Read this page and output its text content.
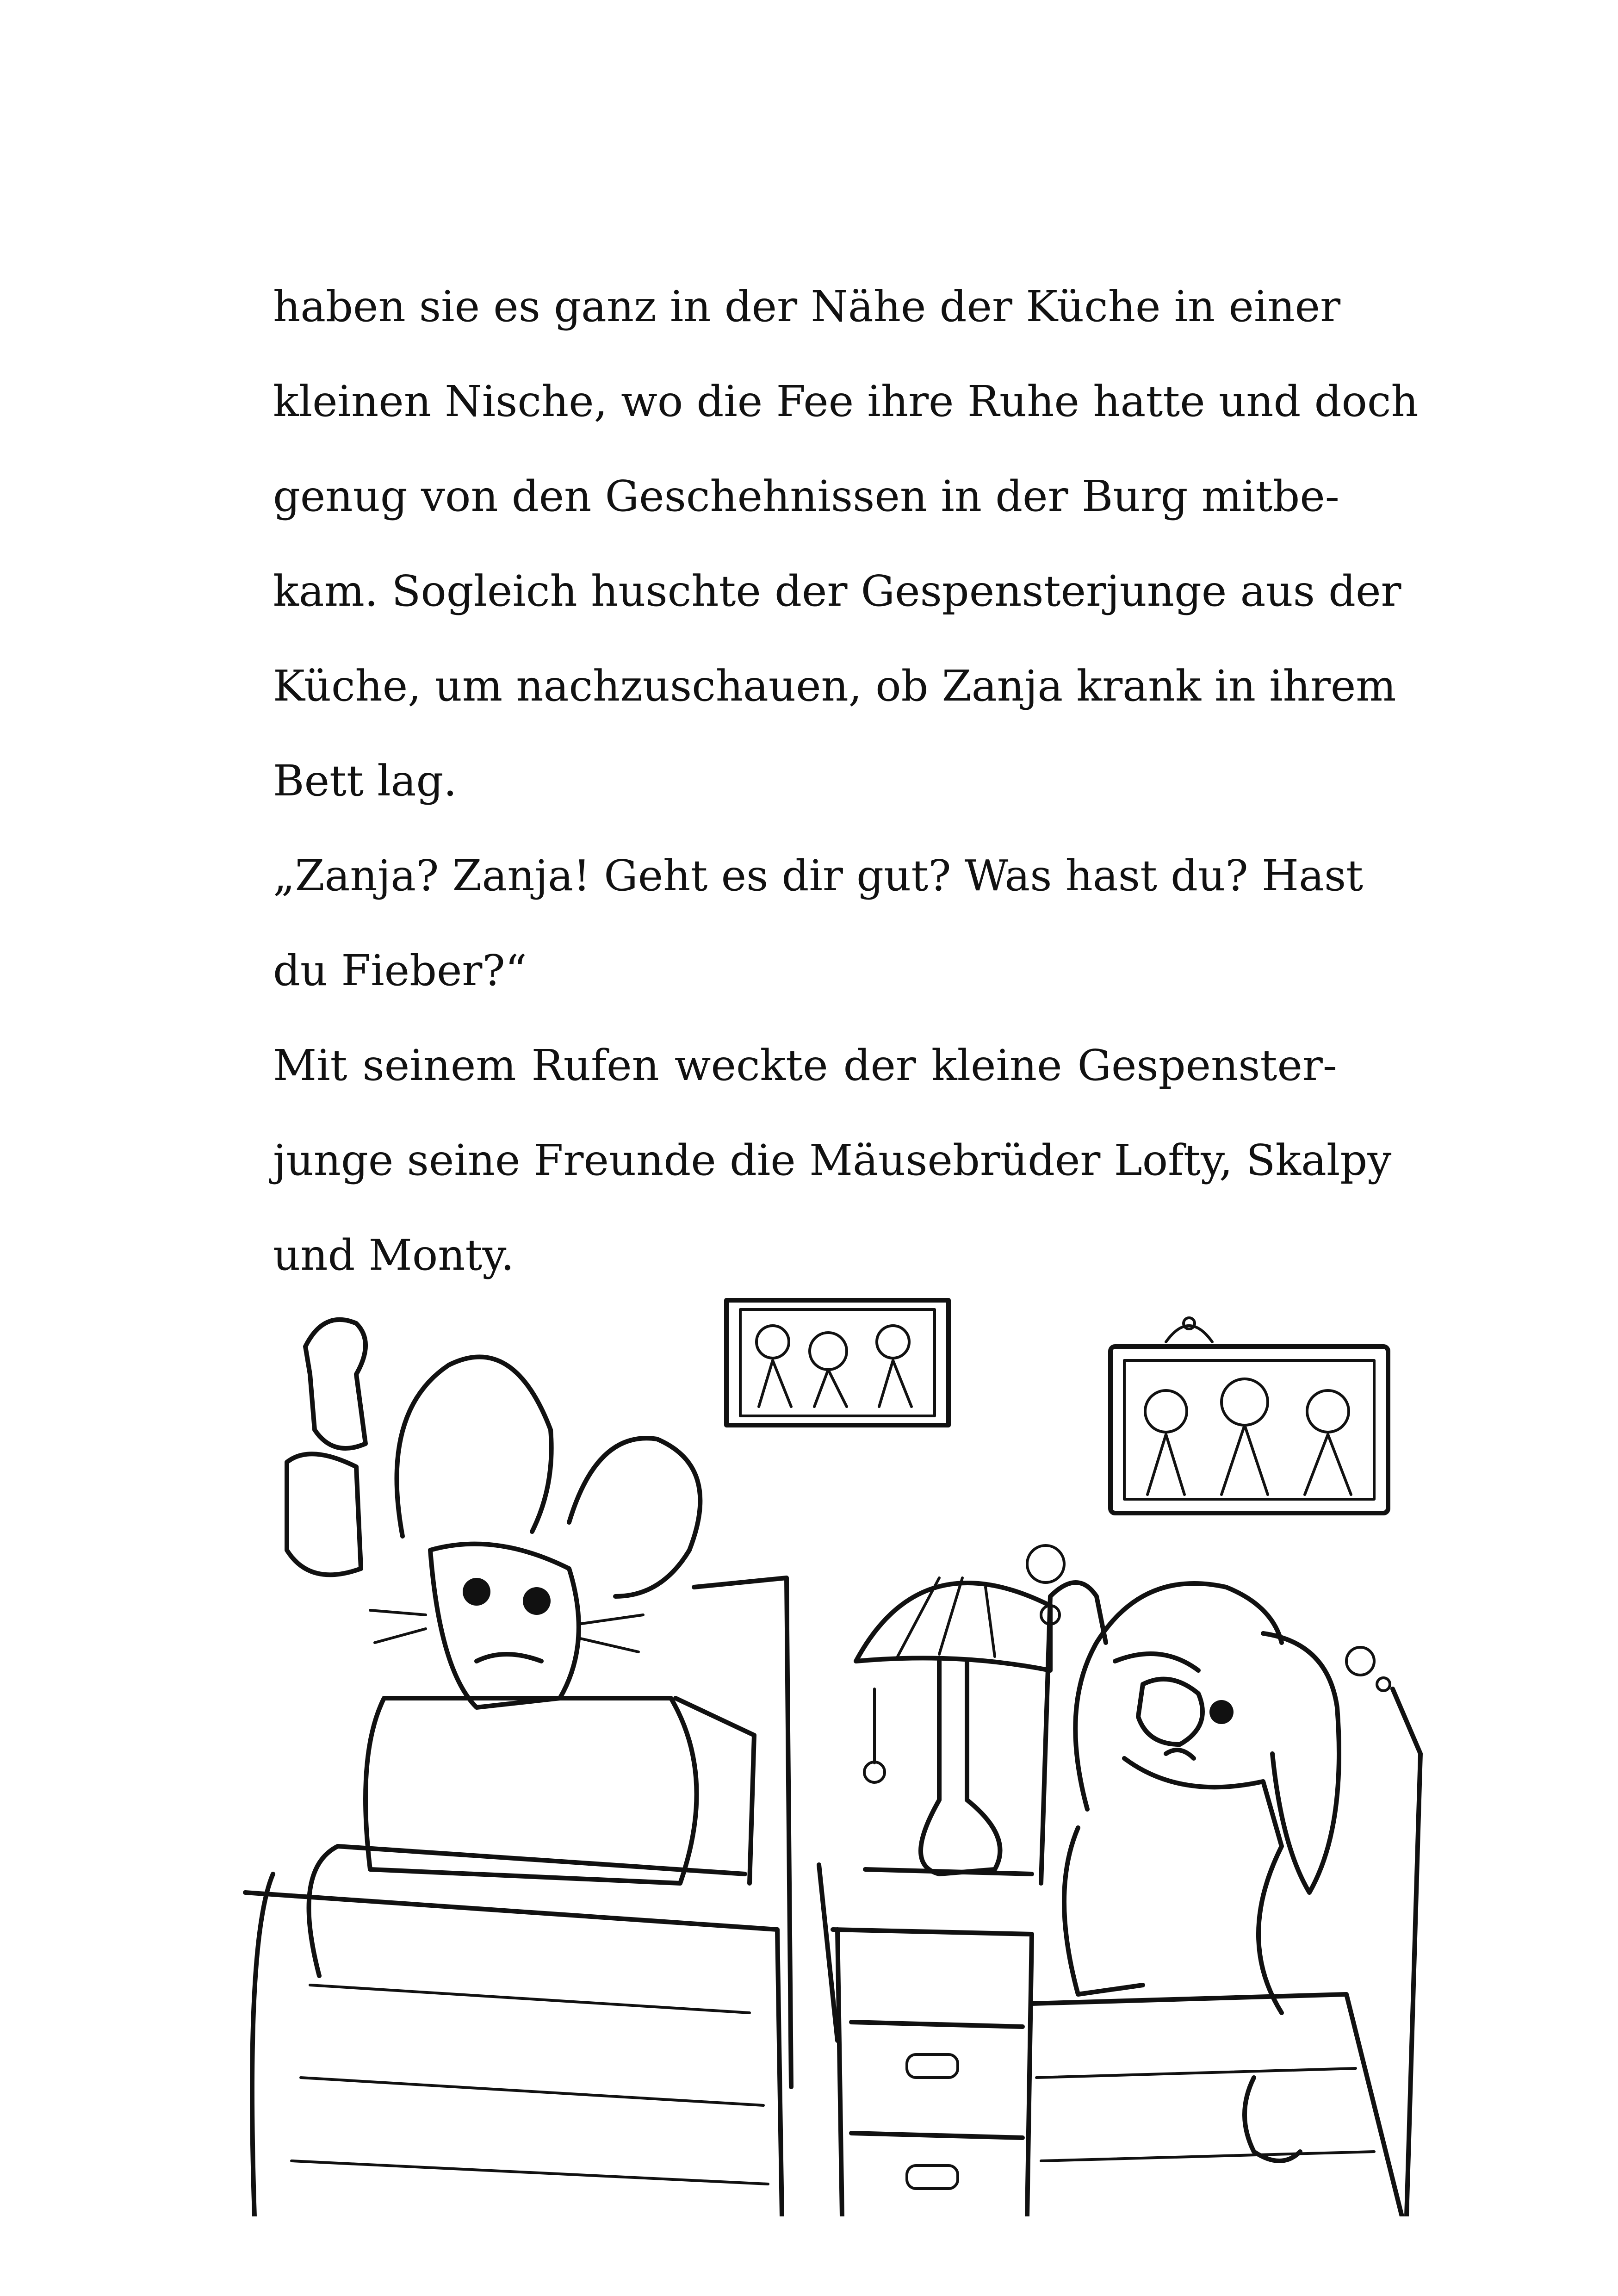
haben sie es ganz in der Nähe der Küche in einer
kleinen Nische, wo die Fee ihre Ruhe hatte und doch
genug von den Geschehnissen in der Burg mitbe-
kam. Sogleich huschte der Gespensterjunge aus der
Küche, um nachzuschauen, ob Zanja krank in ihrem
Bett lag.
„Zanja? Zanja! Geht es dir gut? Was hast du? Hast
du Fieber?“
Mit seinem Rufen weckte der kleine Gespenster-
junge seine Freunde die Mäusebrüder Lofty, Skalpy
und Monty.
